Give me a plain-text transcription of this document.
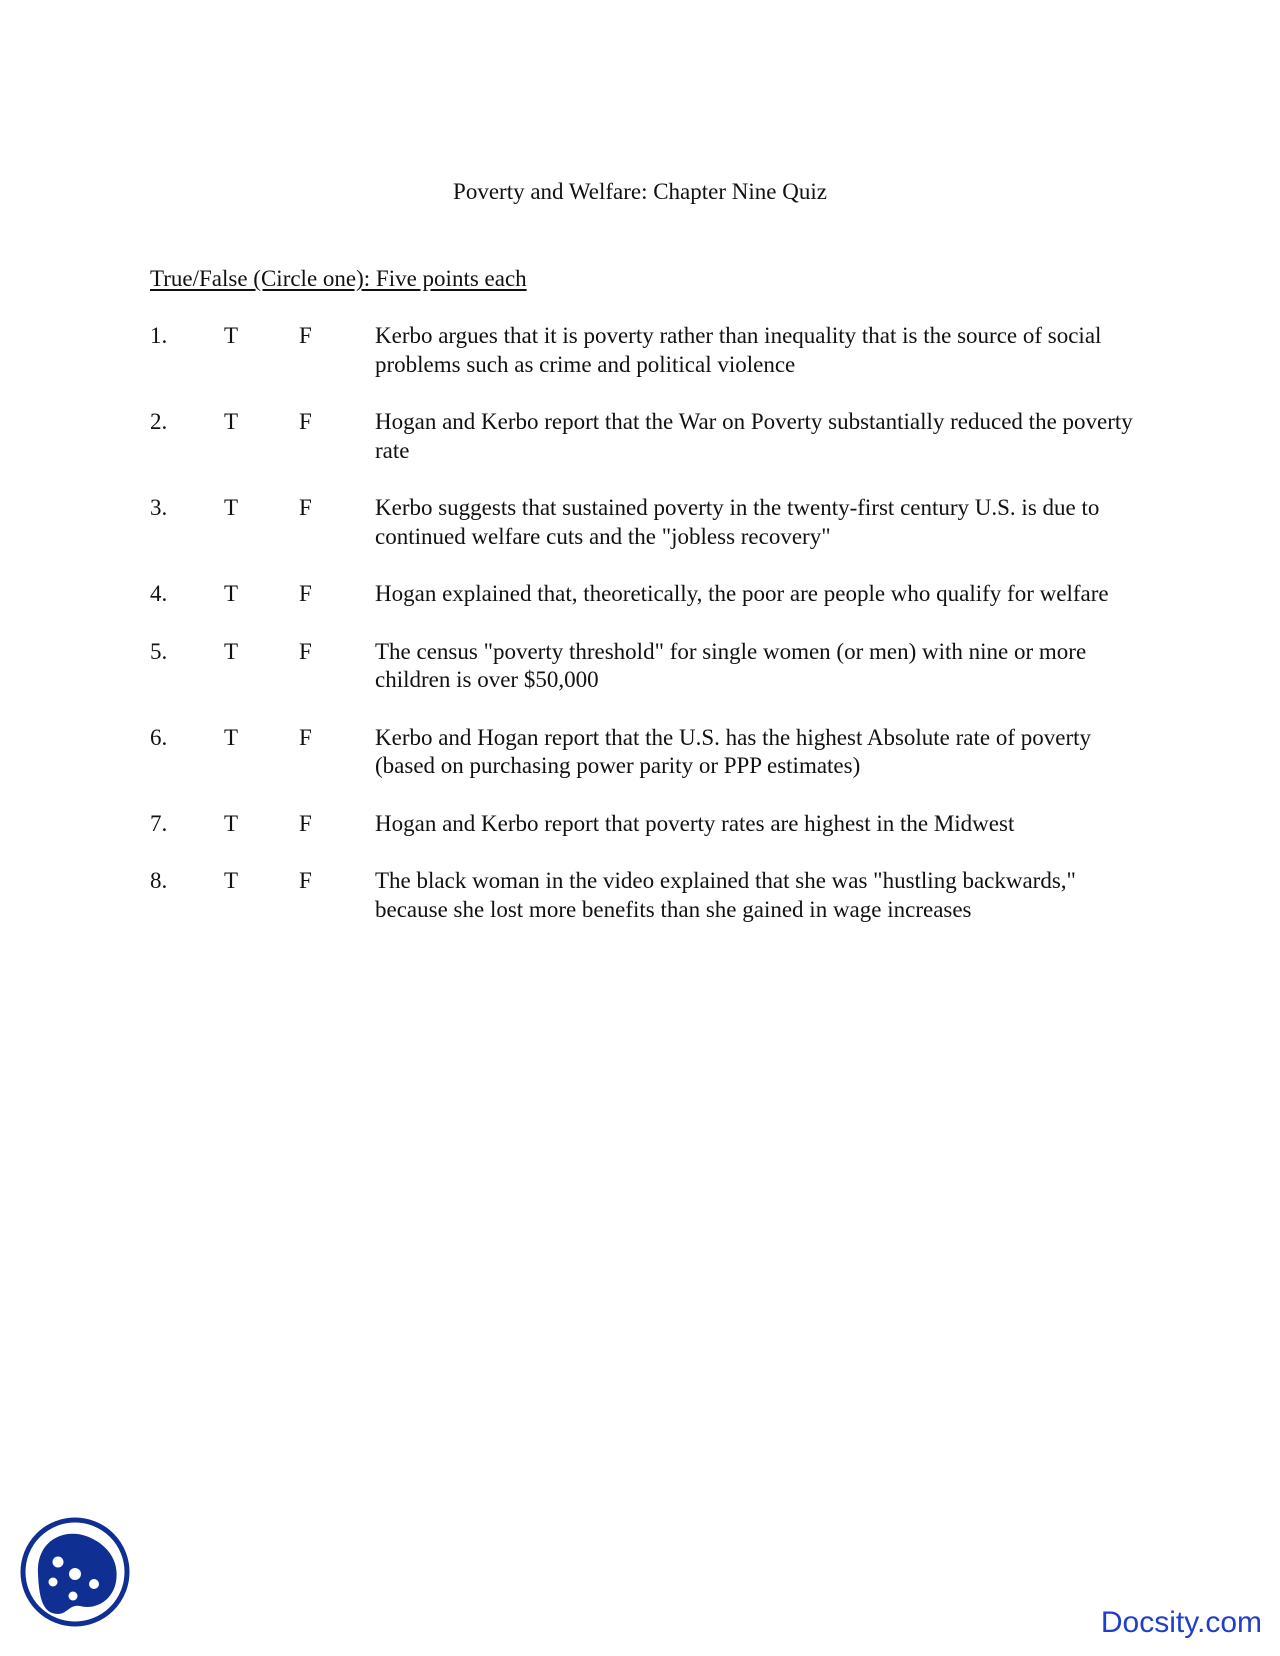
Poverty and Welfare: Chapter Nine Quiz
True/False (Circle one): Five points each
1. T	F	Kerbo argues that it is poverty rather than inequality that is the source of social problems such as crime and political violence
2. T	F	Hogan and Kerbo report that the War on Poverty substantially reduced the poverty rate
3. T	F	Kerbo suggests that sustained poverty in the twenty-first century U.S. is due to continued welfare cuts and the "jobless recovery"
4. T	F	Hogan explained that, theoretically, the poor are people who qualify for welfare
5. T	F	The census "poverty threshold" for single women (or men) with nine or more children is over $50,000
6. T	F	Kerbo and Hogan report that the U.S. has the highest Absolute rate of poverty (based on purchasing power parity or PPP estimates)
7. T	F	Hogan and Kerbo report that poverty rates are highest in the Midwest
8. T	F	The black woman in the video explained that she was "hustling backwards," because she lost more benefits than she gained in wage increases
Docsity.com
